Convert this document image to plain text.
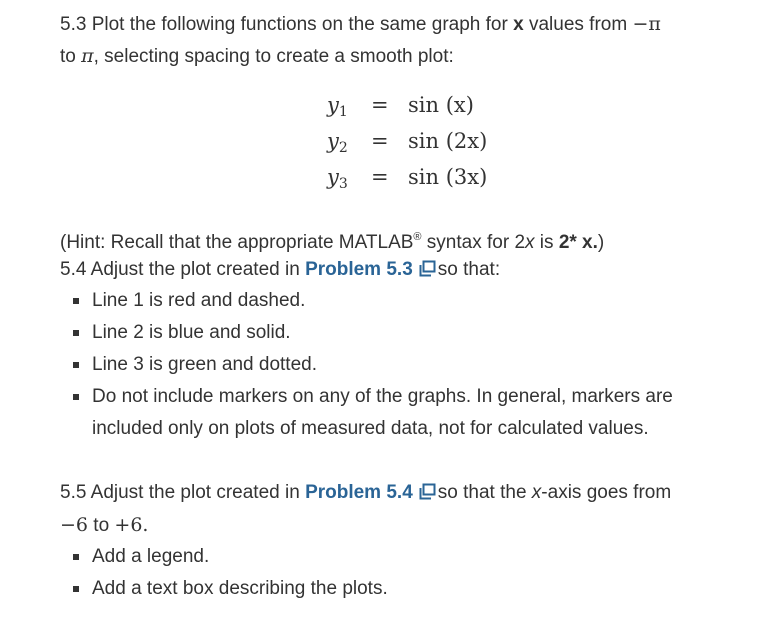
5.3 Plot the following functions on the same graph for x values from −π
to π, selecting spacing to create a smooth plot:
$y_1 = \sin (x)$
$y_2 = \sin (2x)$
$y_3 = \sin (3x)$
(Hint: Recall that the appropriate MATLAB® syntax for 2x is 2* x.)
5.4 Adjust the plot created in Problem 5.3 so that:
Line 1 is red and dashed.
Line 2 is blue and solid.
Line 3 is green and dotted.
Do not include markers on any of the graphs. In general, markers are
included only on plots of measured data, not for calculated values.
5.5 Adjust the plot created in Problem 5.4 so that the x-axis goes from
−6 to +6.
Add a legend.
Add a text box describing the plots.
